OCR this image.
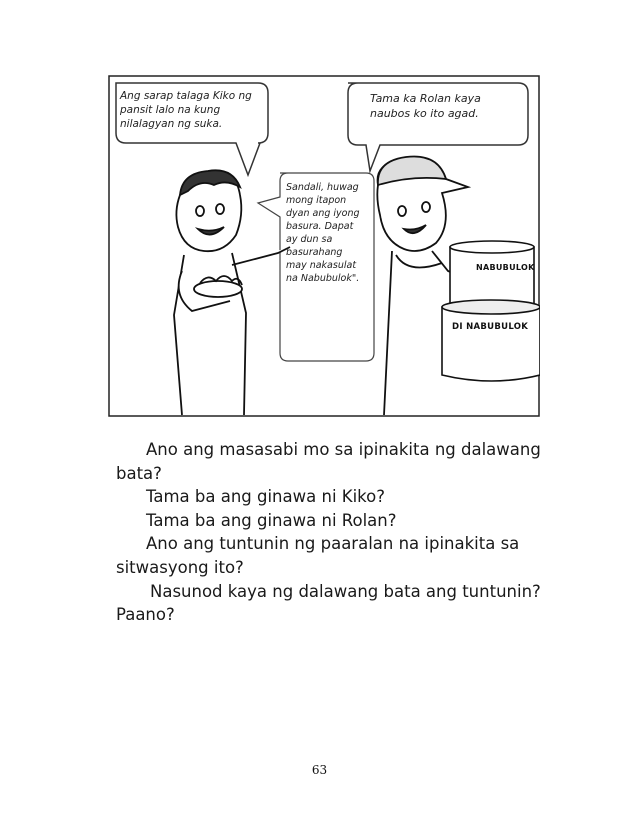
Ang sarap talaga Kiko ng pansit lalo na kung nilalagyan ng suka.
Tama ka Rolan kaya naubos ko ito agad.
Sandali, huwag mong itapon dyan ang iyong basura. Dapat ay dun sa basurahang may nakasulat na Nabubulok".
NABUBULOK
DI NABUBULOK

Ano ang masasabi mo sa ipinakita ng dalawang

bata?

Tama ba ang ginawa ni Kiko?

Tama ba ang ginawa ni Rolan?

Ano ang tuntunin ng paaralan na ipinakita sa

sitwasyong ito?

Nasunod kaya ng dalawang bata ang tuntunin?

Paano?

63
